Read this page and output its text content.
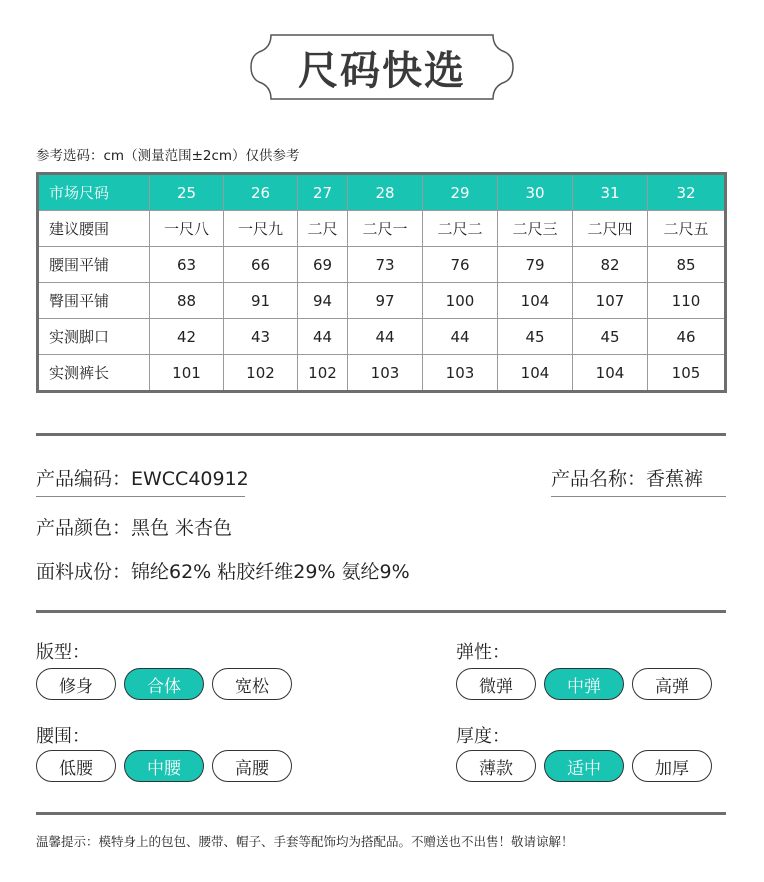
尺码快选
参考选码：cm（测量范围±2cm）仅供参考
市场尺码	25	26	27	28	29	30	31	32
建议腰围	一尺八	一尺九	二尺	二尺一	二尺二	二尺三	二尺四	二尺五
腰围平铺	63	66	69	73	76	79	82	85
臀围平铺	88	91	94	97	100	104	107	110
实测脚口	42	43	44	44	44	45	45	46
实测裤长	101	102	102	103	103	104	104	105
产品编码：EWCC40912	产品名称：香蕉裤
产品颜色：黑色 米杏色
面料成份：锦纶62% 粘胶纤维29% 氨纶9%
版型：
修身	合体	宽松
弹性：
微弹	中弹	高弹
腰围：
低腰	中腰	高腰
厚度：
薄款	适中	加厚
温馨提示：模特身上的包包、腰带、帽子、手套等配饰均为搭配品。不赠送也不出售！敬请谅解！
